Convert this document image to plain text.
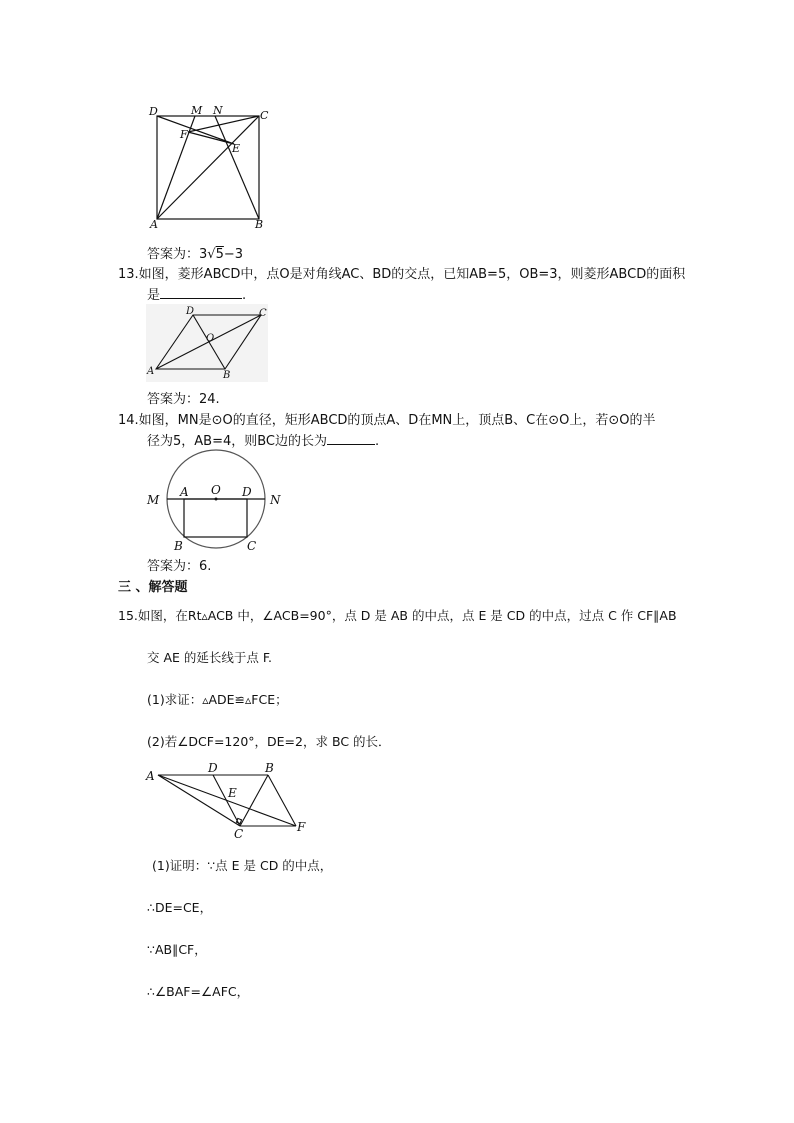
D	M N	C
F
E
A	B
答案为：3√5−3
13.如图，菱形ABCD中，点O是对角线AC、BD的交点，已知AB=5，OB=3，则菱形ABCD的面积
是	.
D	C
O
A	B
答案为：24.
14.如图，MN是⊙O的直径，矩形ABCD的顶点A、D在MN上，顶点B、C在⊙O上，若⊙O的半
径为5，AB=4，则BC边的长为	.
M
A O D
N
B	C
答案为：6.
三 、解答题
15.如图，在Rt▵ACB 中，∠ACB=90°，点 D 是 AB 的中点，点 E 是 CD 的中点，过点 C 作 CF∥AB
交 AE 的延长线于点 F.
(1)求证：▵ADE≌▵FCE；
(2)若∠DCF=120°，DE=2，求 BC 的长．
A
D	B
E
C	F
(1)证明：∵点 E 是 CD 的中点，
∴DE=CE，
∵AB∥CF，
∴∠BAF=∠AFC，
